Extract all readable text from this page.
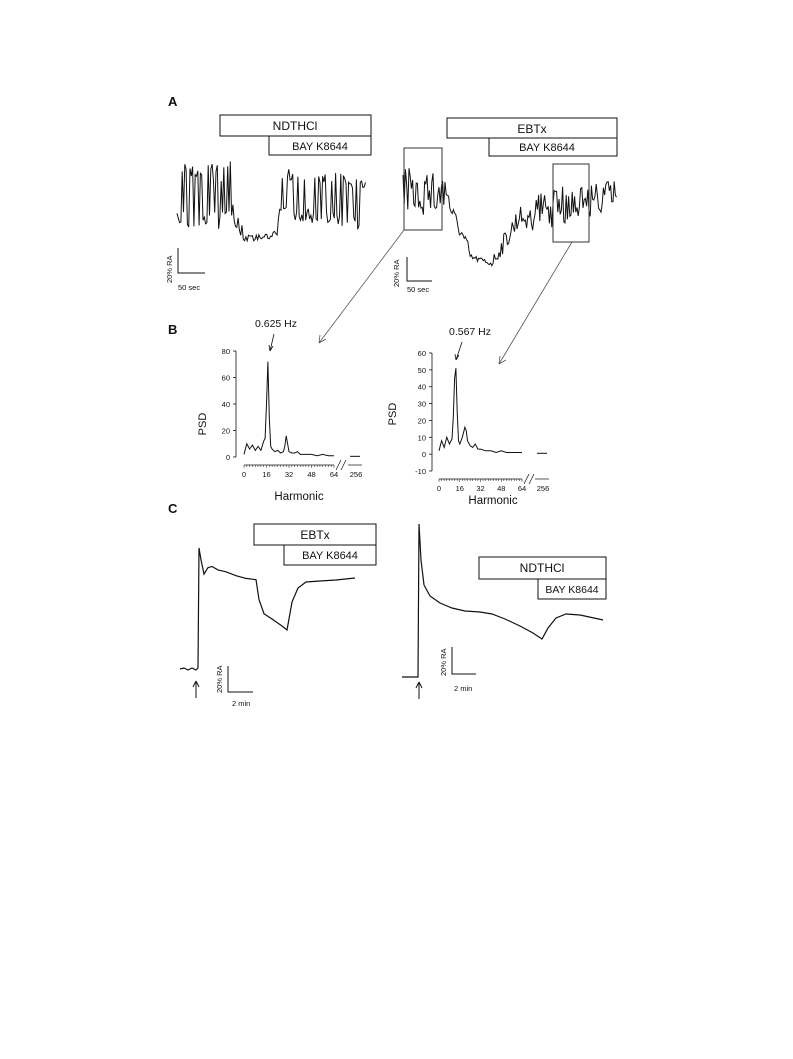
A
NDTHCl
BAY K8644
EBTx
BAY K8644
20% RA
50 sec
20% RA
50 sec
B	0.625 Hz
PSD
Harmonic
0
20
40
60
80
0 16 32 48 64 256
0.567 Hz
PSD
Harmonic
-10
0
10
20
30
40
50
60
0 16 32 48 64 256
C
EBTx
BAY K8644
NDTHCl
BAY K8644
20% RA
2 min
20% RA
2 min
